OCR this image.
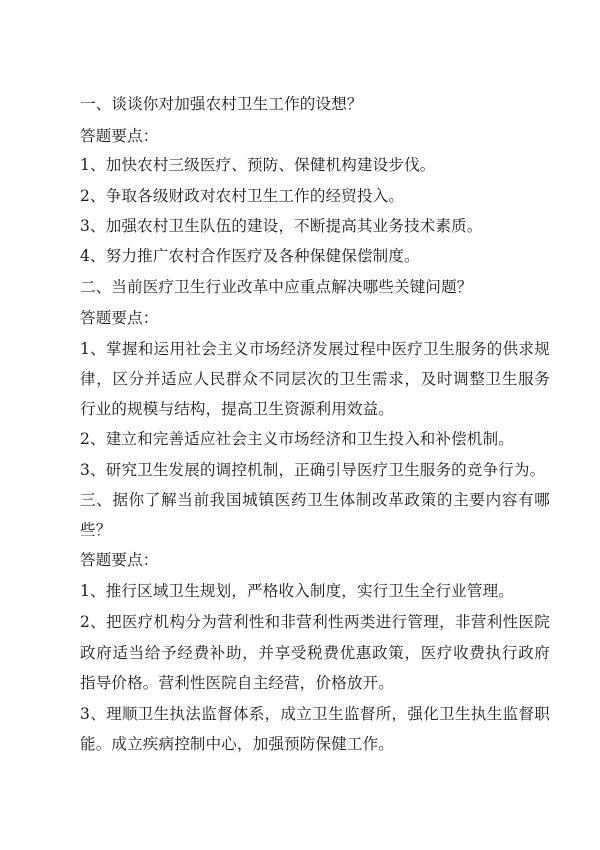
一、谈谈你对加强农村卫生工作的设想？
答题要点：
1、加快农村三级医疗、预防、保健机构建设步伐。
2、争取各级财政对农村卫生工作的经贸投入。
3、加强农村卫生队伍的建设，不断提高其业务技术素质。
4、努力推广农村合作医疗及各种保健保偿制度。
二、当前医疗卫生行业改革中应重点解决哪些关键问题？
答题要点：
1、掌握和运用社会主义市场经济发展过程中医疗卫生服务的供求规
律，区分并适应人民群众不同层次的卫生需求，及时调整卫生服务
行业的规模与结构，提高卫生资源利用效益。
2、建立和完善适应社会主义市场经济和卫生投入和补偿机制。
3、研究卫生发展的调控机制，正确引导医疗卫生服务的竞争行为。
三、据你了解当前我国城镇医药卫生体制改革政策的主要内容有哪
些？
答题要点：
1、推行区域卫生规划，严格收入制度，实行卫生全行业管理。
2、把医疗机构分为营利性和非营利性两类进行管理，非营利性医院
政府适当给予经费补助，并享受税费优惠政策，医疗收费执行政府
指导价格。营利性医院自主经营，价格放开。
3、理顺卫生执法监督体系，成立卫生监督所，强化卫生执生监督职
能。成立疾病控制中心，加强预防保健工作。
